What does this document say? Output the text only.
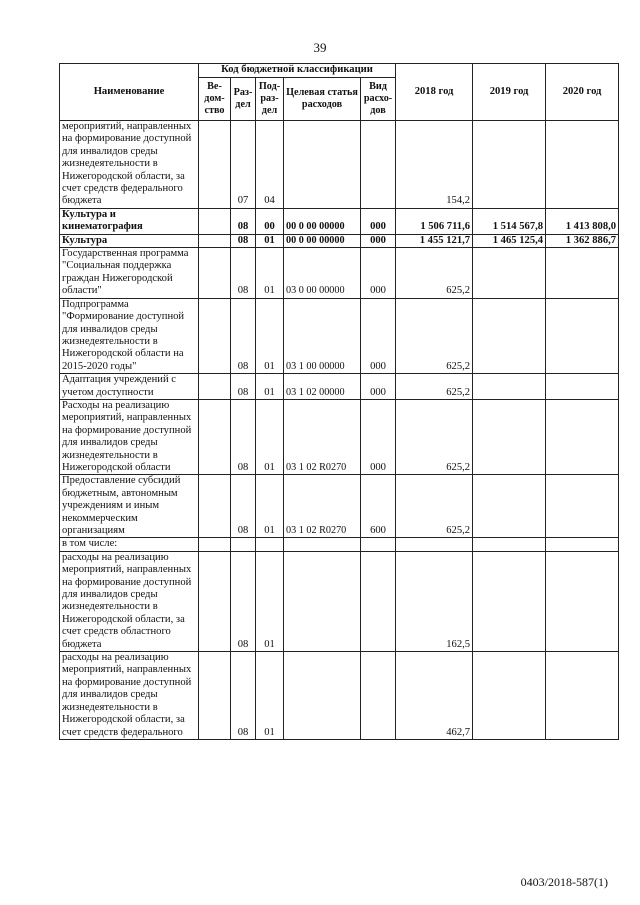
39
Наименование	Код бюджетной классификации					2018 год	2019 год	2020 год
	Ве-дом-ство	Раз-дел	Под-раз-дел	Целевая статья расходов	Вид расхо-дов			
мероприятий, направленных на формирование доступной для инвалидов среды жизнедеятельности в Нижегородской области, за счет средств федерального бюджета		07	04			154,2		
Культура и кинематография		08	00	00 0 00 00000	000	1 506 711,6	1 514 567,8	1 413 808,0
Культура		08	01	00 0 00 00000	000	1 455 121,7	1 465 125,4	1 362 886,7
Государственная программа "Социальная поддержка граждан Нижегородской области"		08	01	03 0 00 00000	000	625,2		
Подпрограмма "Формирование доступной для инвалидов среды жизнедеятельности в Нижегородской области на 2015-2020 годы"		08	01	03 1 00 00000	000	625,2		
Адаптация учреждений с учетом доступности		08	01	03 1 02 00000	000	625,2		
Расходы на реализацию мероприятий, направленных на формирование доступной для инвалидов среды жизнедеятельности в Нижегородской области		08	01	03 1 02 R0270	000	625,2		
Предоставление субсидий бюджетным, автономным учреждениям и иным некоммерческим организациям		08	01	03 1 02 R0270	600	625,2		
в том числе:								
расходы на реализацию мероприятий, направленных на формирование доступной для инвалидов среды жизнедеятельности в Нижегородской области, за счет средств областного бюджета		08	01			162,5		
расходы на реализацию мероприятий, направленных на формирование доступной для инвалидов среды жизнедеятельности в Нижегородской области, за счет средств федерального		08	01			462,7		
0403/2018-587(1)
